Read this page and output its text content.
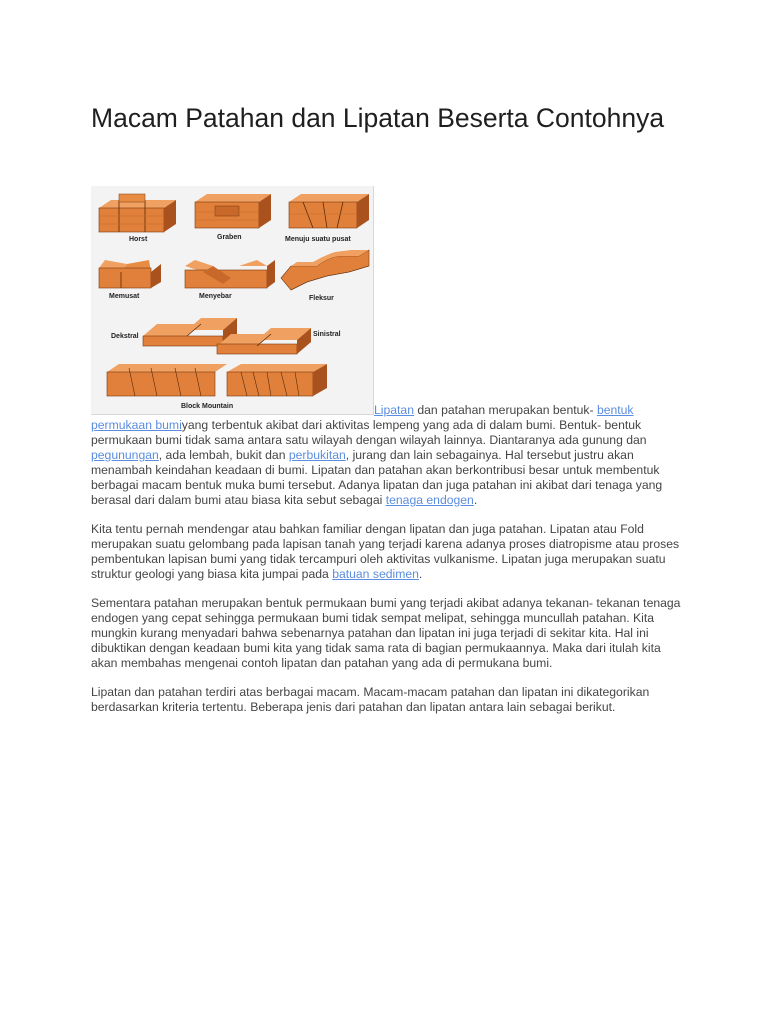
Macam Patahan dan Lipatan Beserta Contohnya
Horst	Graben	Menuju suatu pusat
Memusat	Menyebar	Fleksur
Dekstral	Sinistral
Block Mountain	Lipatan dan patahan merupakan bentuk- bentuk permukaan bumiyang terbentuk akibat dari aktivitas lempeng yang ada di dalam bumi. Bentuk- bentuk permukaan bumi tidak sama antara satu wilayah dengan wilayah lainnya. Diantaranya ada gunung dan pegunungan, ada lembah, bukit dan perbukitan, jurang dan lain sebagainya. Hal tersebut justru akan menambah keindahan keadaan di bumi. Lipatan dan patahan akan berkontribusi besar untuk membentuk berbagai macam bentuk muka bumi tersebut. Adanya lipatan dan juga patahan ini akibat dari tenaga yang berasal dari dalam bumi atau biasa kita sebut sebagai tenaga endogen.

Kita tentu pernah mendengar atau bahkan familiar dengan lipatan dan juga patahan. Lipatan atau Fold merupakan suatu gelombang pada lapisan tanah yang terjadi karena adanya proses diatropisme atau proses pembentukan lapisan bumi yang tidak tercampuri oleh aktivitas vulkanisme. Lipatan juga merupakan suatu struktur geologi yang biasa kita jumpai pada batuan sedimen.

Sementara patahan merupakan bentuk permukaan bumi yang terjadi akibat adanya tekanan- tekanan tenaga endogen yang cepat sehingga permukaan bumi tidak sempat melipat, sehingga muncullah patahan. Kita mungkin kurang menyadari bahwa sebenarnya patahan dan lipatan ini juga terjadi di sekitar kita. Hal ini dibuktikan dengan keadaan bumi kita yang tidak sama rata di bagian permukaannya. Maka dari itulah kita akan membahas mengenai contoh lipatan dan patahan yang ada di permukana bumi.

Lipatan dan patahan terdiri atas berbagai macam. Macam-macam patahan dan lipatan ini dikategorikan berdasarkan kriteria tertentu. Beberapa jenis dari patahan dan lipatan antara lain sebagai berikut.
